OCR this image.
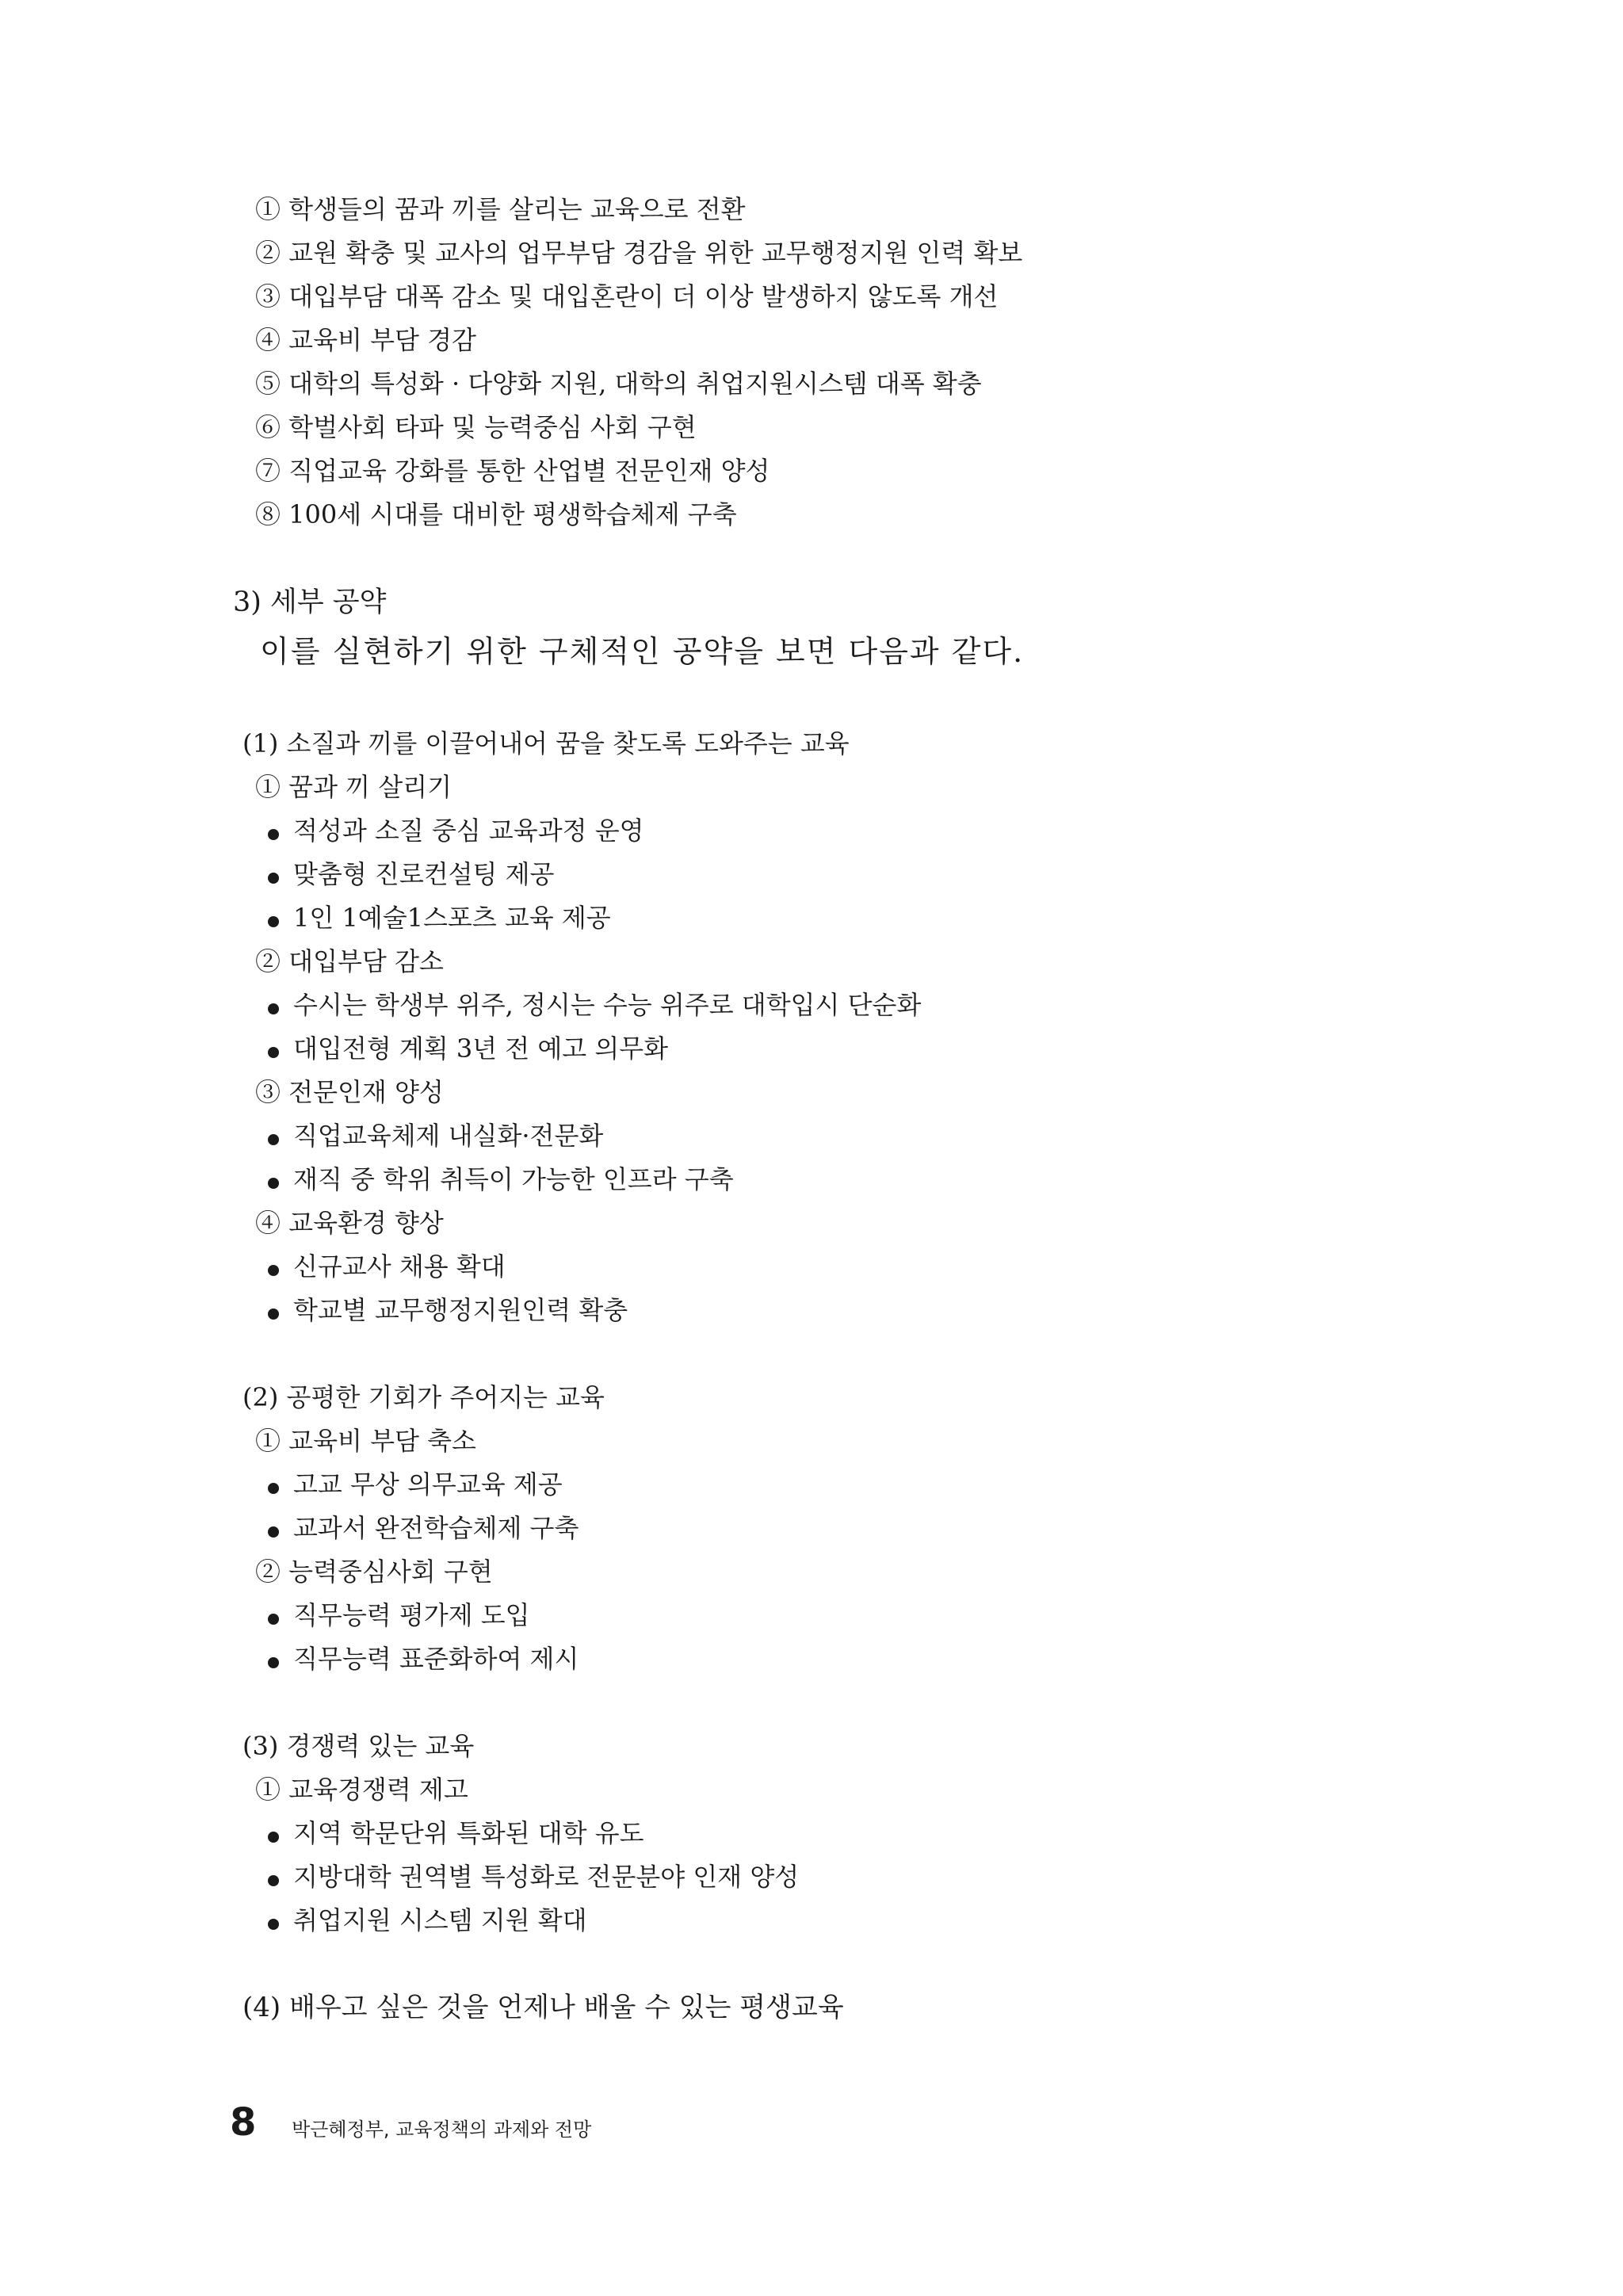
① 학생들의 꿈과 끼를 살리는 교육으로 전환
② 교원 확충 및 교사의 업무부담 경감을 위한 교무행정지원 인력 확보
③ 대입부담 대폭 감소 및 대입혼란이 더 이상 발생하지 않도록 개선
④ 교육비 부담 경감
⑤ 대학의 특성화 · 다양화 지원, 대학의 취업지원시스템 대폭 확충
⑥ 학벌사회 타파 및 능력중심 사회 구현
⑦ 직업교육 강화를 통한 산업별 전문인재 양성
⑧ 100세 시대를 대비한 평생학습체제 구축
3) 세부 공약
이를 실현하기 위한 구체적인 공약을 보면 다음과 같다.
(1) 소질과 끼를 이끌어내어 꿈을 찾도록 도와주는 교육
① 꿈과 끼 살리기
적성과 소질 중심 교육과정 운영
맞춤형 진로컨설팅 제공
1인 1예술1스포츠 교육 제공
② 대입부담 감소
수시는 학생부 위주, 정시는 수능 위주로 대학입시 단순화
대입전형 계획 3년 전 예고 의무화
③ 전문인재 양성
직업교육체제 내실화·전문화
재직 중 학위 취득이 가능한 인프라 구축
④ 교육환경 향상
신규교사 채용 확대
학교별 교무행정지원인력 확충
(2) 공평한 기회가 주어지는 교육
① 교육비 부담 축소
고교 무상 의무교육 제공
교과서 완전학습체제 구축
② 능력중심사회 구현
직무능력 평가제 도입
직무능력 표준화하여 제시
(3) 경쟁력 있는 교육
① 교육경쟁력 제고
지역 학문단위 특화된 대학 유도
지방대학 권역별 특성화로 전문분야 인재 양성
취업지원 시스템 지원 확대
(4) 배우고 싶은 것을 언제나 배울 수 있는 평생교육
8 박근혜정부, 교육정책의 과제와 전망
